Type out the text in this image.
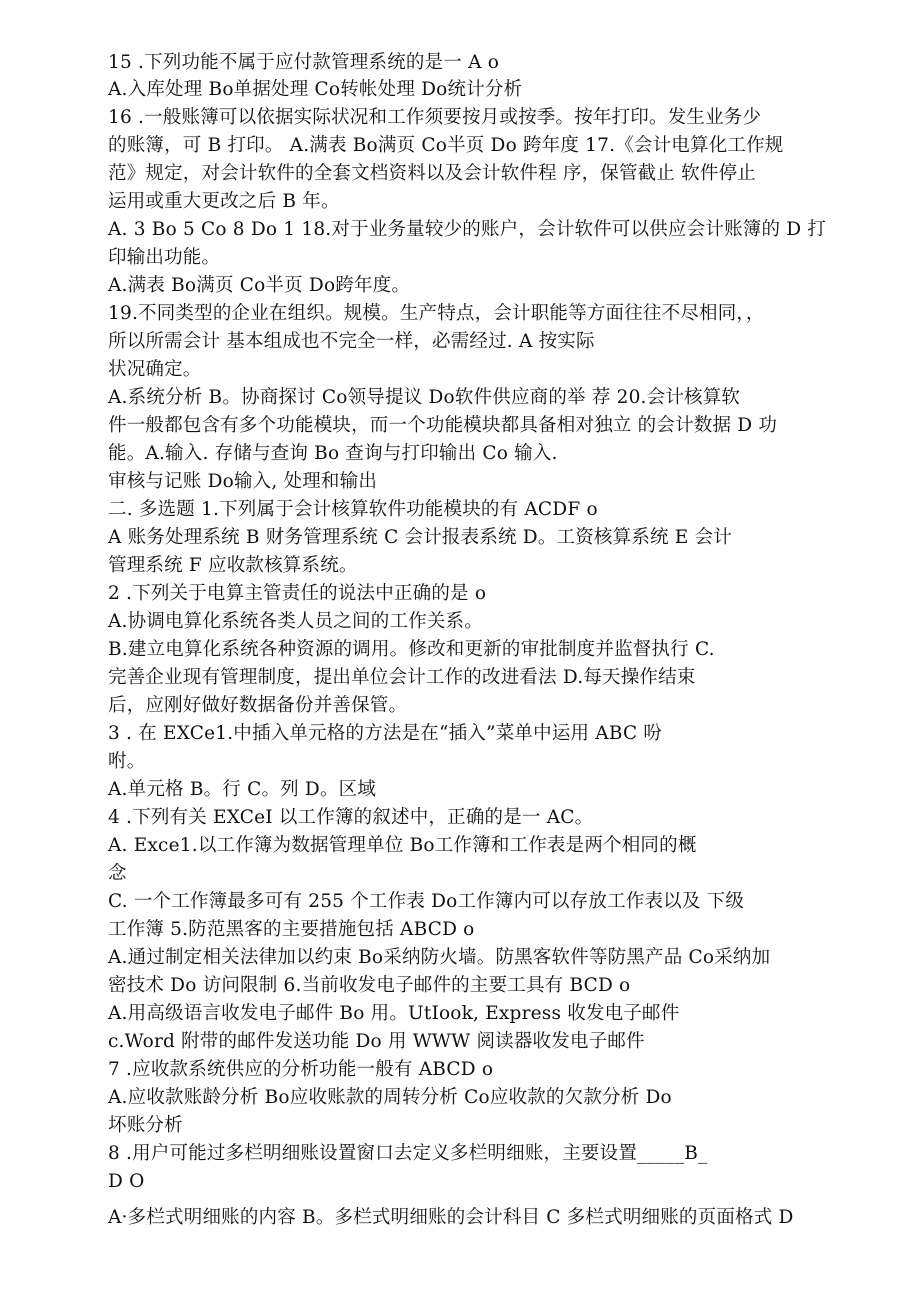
15 .下列功能不属于应付款管理系统的是一 A o
A.入库处理 Bo单据处理 Co转帐处理 Do统计分析
16 .一般账簿可以依据实际状况和工作须要按月或按季。按年打印。发生业务少
的账簿，可 B 打印。 A.满表 Bo满页 Co半页 Do 跨年度 17.《会计电算化工作规
范》规定，对会计软件的全套文档资料以及会计软件程 序，保管截止 软件停止
运用或重大更改之后 B 年。
A. 3 Bo 5 Co 8 Do 1 18.对于业务量较少的账户，会计软件可以供应会计账簿的 D 打
印输出功能。
A.满表 Bo满页 Co半页 Do跨年度。
19.不同类型的企业在组织。规模。生产特点，会计职能等方面往往不尽相同，，
所以所需会计 基本组成也不完全一样，必需经过. A 按实际
状况确定。
A.系统分析 B。协商探讨 Co领导提议 Do软件供应商的举 荐 20.会计核算软
件一般都包含有多个功能模块，而一个功能模块都具备相对独立 的会计数据 D 功
能。A.输入. 存储与查询 Bo 查询与打印输出 Co 输入.
审核与记账 Do输入, 处理和输出
二. 多选题 1.下列属于会计核算软件功能模块的有 ACDF o
A 账务处理系统 B 财务管理系统 C 会计报表系统 D。工资核算系统 E 会计
管理系统 F 应收款核算系统。
2 .下列关于电算主管责任的说法中正确的是 o
A.协调电算化系统各类人员之间的工作关系。
B.建立电算化系统各种资源的调用。修改和更新的审批制度并监督执行 C.
完善企业现有管理制度，提出单位会计工作的改进看法 D.每天操作结束
后，应刚好做好数据备份并善保管。
3 . 在 EXCe1.中插入单元格的方法是在“插入”菜单中运用 ABC 吩
咐。
A.单元格 B。行 C。列 D。区域
4 .下列有关 EXCeI 以工作簿的叙述中，正确的是一 AC。
A. Exce1.以工作簿为数据管理单位 Bo工作簿和工作表是两个相同的概
念
C. 一个工作簿最多可有 255 个工作表 Do工作簿内可以存放工作表以及 下级
工作簿 5.防范黑客的主要措施包括 ABCD o
A.通过制定相关法律加以约束 Bo采纳防火墙。防黑客软件等防黑产品 Co采纳加
密技术 Do 访问限制 6.当前收发电子邮件的主要工具有 BCD o
A.用高级语言收发电子邮件 Bo 用。UtIook, Express 收发电子邮件
c.Word 附带的邮件发送功能 Do 用 WWW 阅读器收发电子邮件
7 .应收款系统供应的分析功能一般有 ABCD o
A.应收款账龄分析 Bo应收账款的周转分析 Co应收款的欠款分析 Do
坏账分析
8 .用户可能过多栏明细账设置窗口去定义多栏明细账，主要设置_____B_
D O
A·多栏式明细账的内容 B。多栏式明细账的会计科目 C 多栏式明细账的页面格式 D
